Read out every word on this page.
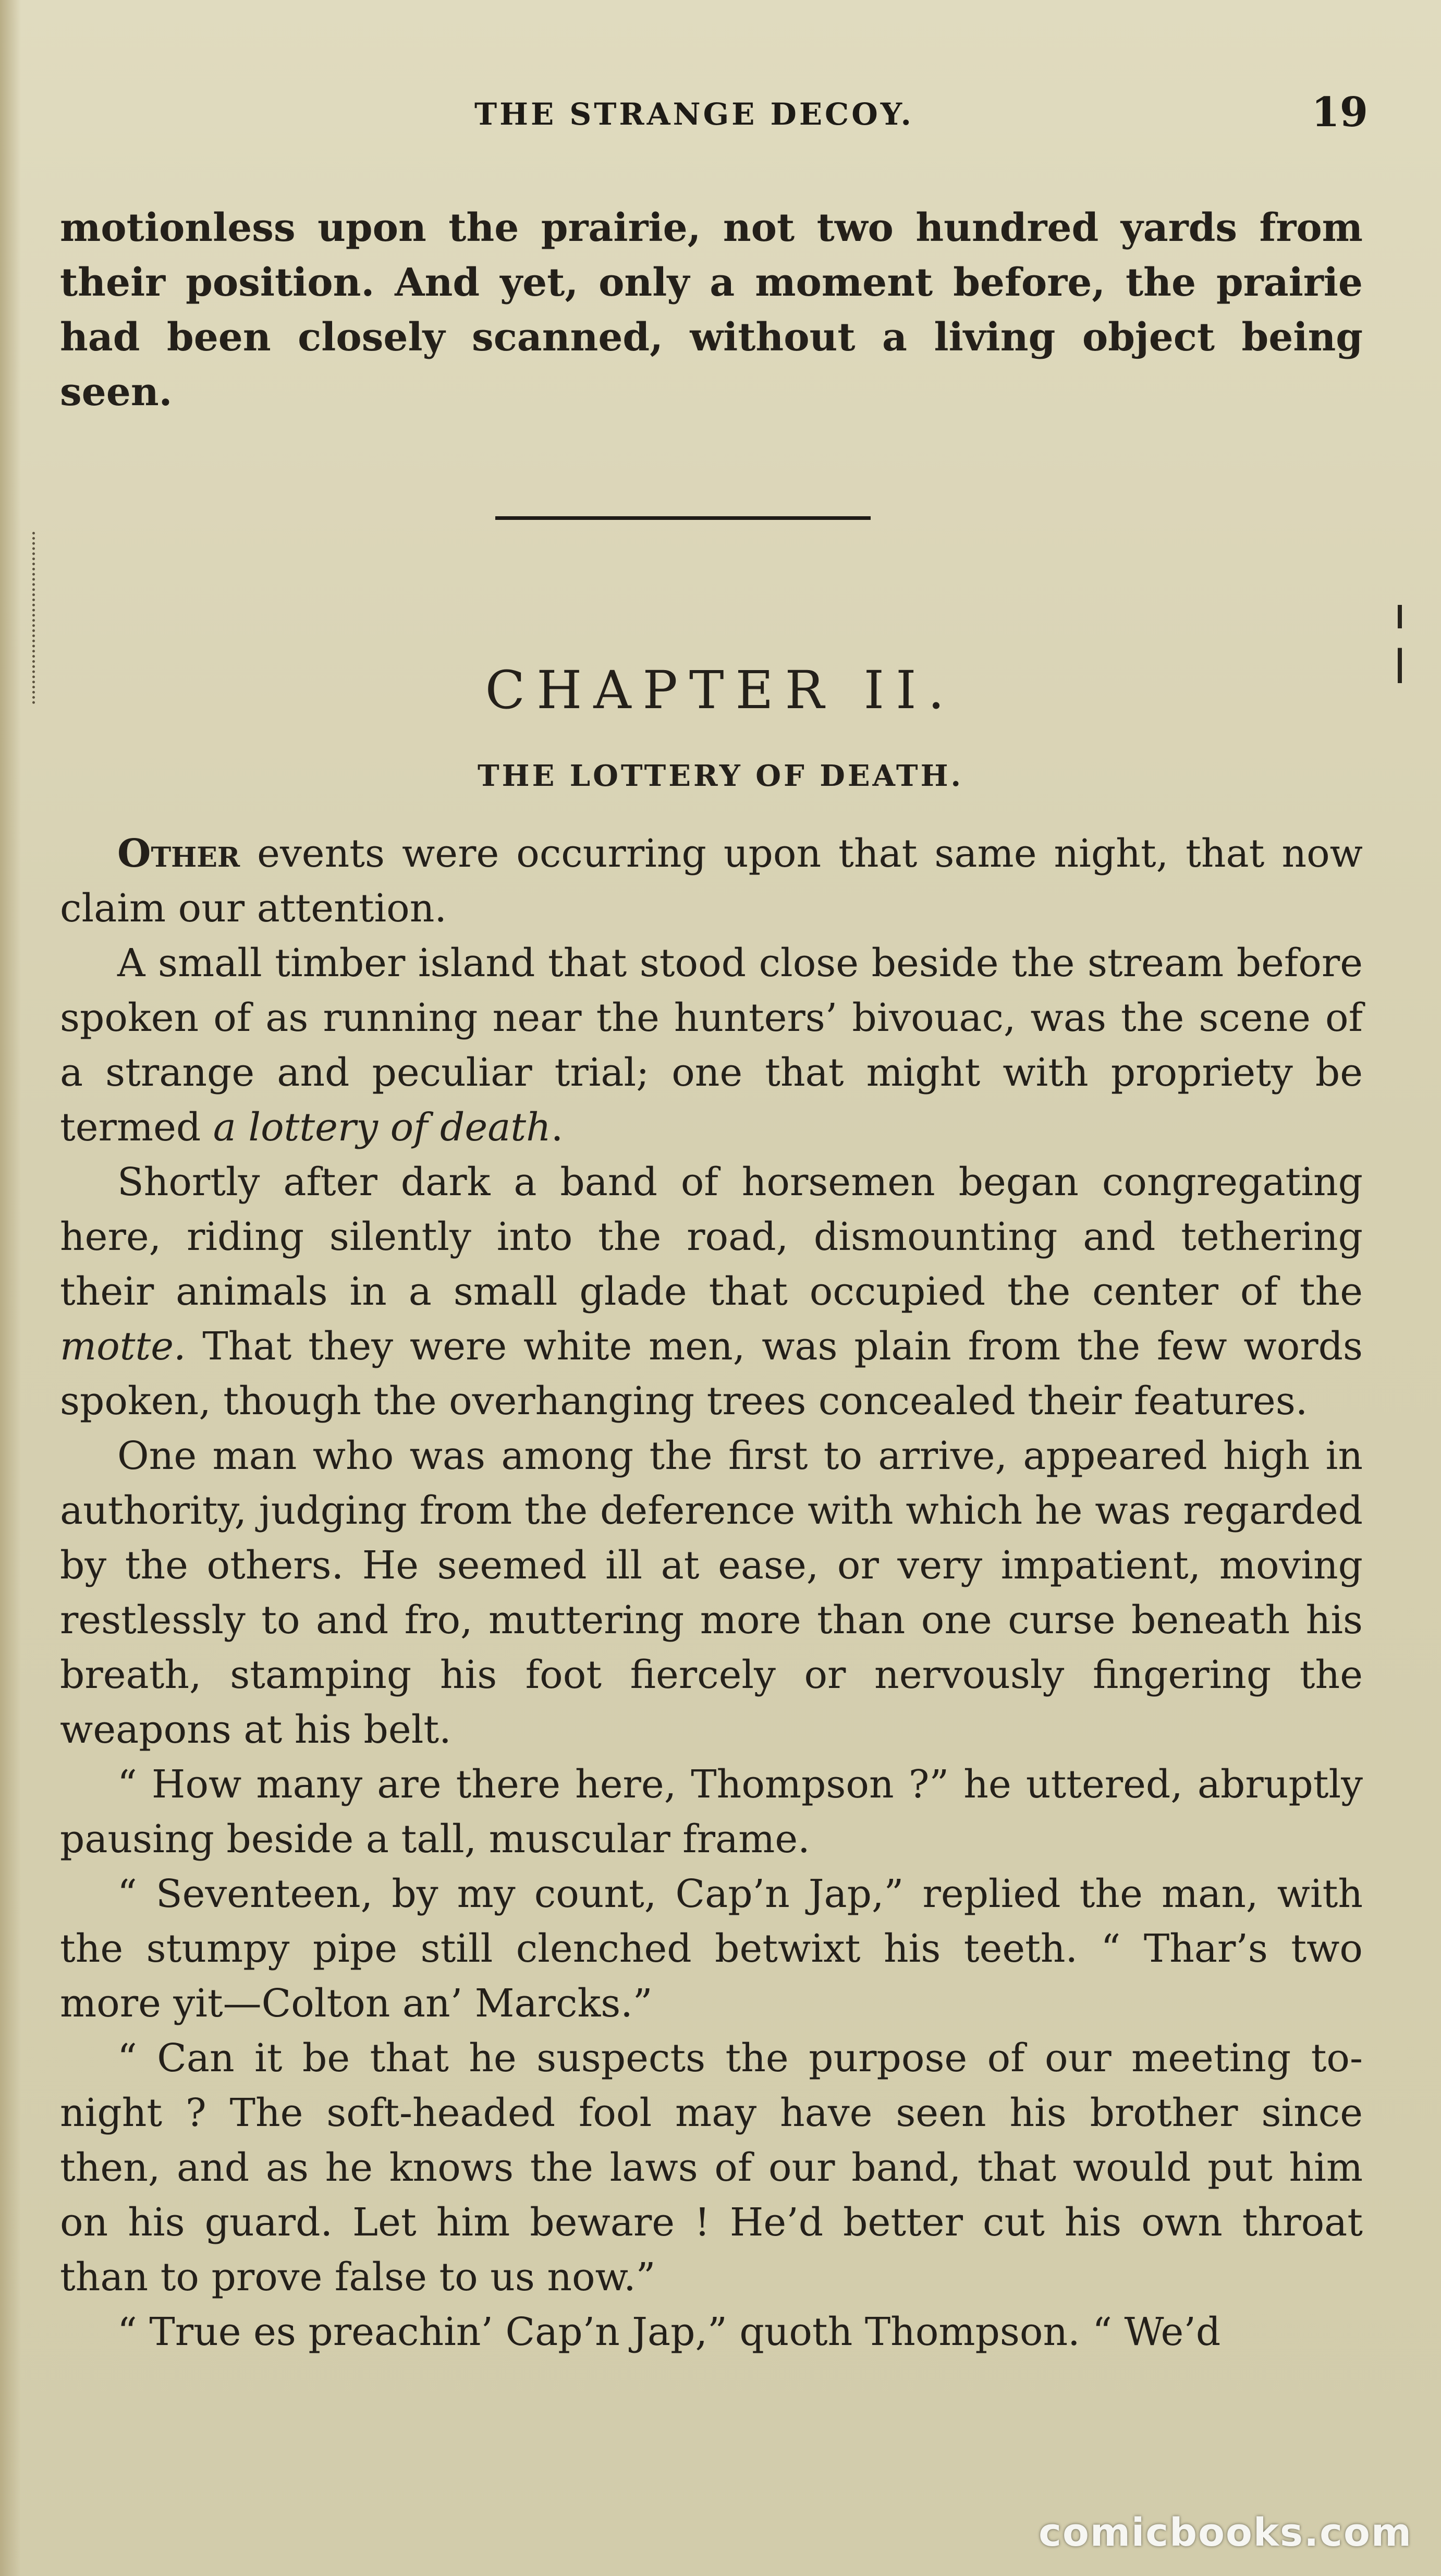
THE STRANGE DECOY.	19

motionless upon the prairie, not two hundred yards from their position. And yet, only a moment before, the prairie had been closely scanned, without a living object being seen.

CHAPTER II.
THE LOTTERY OF DEATH.

Other events were occurring upon that same night, that now claim our attention.

A small timber island that stood close beside the stream before spoken of as running near the hunters’ bivouac, was the scene of a strange and peculiar trial; one that might with propriety be termed a lottery of death.

Shortly after dark a band of horsemen began congregating here, riding silently into the road, dismounting and tethering their animals in a small glade that occupied the center of the motte. That they were white men, was plain from the few words spoken, though the overhanging trees concealed their features.

One man who was among the first to arrive, appeared high in authority, judging from the deference with which he was regarded by the others. He seemed ill at ease, or very impatient, moving restlessly to and fro, muttering more than one curse beneath his breath, stamping his foot fiercely or nervously fingering the weapons at his belt.

“ How many are there here, Thompson ?” he uttered, abruptly pausing beside a tall, muscular frame.

“ Seventeen, by my count, Cap’n Jap,” replied the man, with the stumpy pipe still clenched betwixt his teeth. “ Thar’s two more yit—Colton an’ Marcks.”

“ Can it be that he suspects the purpose of our meeting to-night ? The soft-headed fool may have seen his brother since then, and as he knows the laws of our band, that would put him on his guard. Let him beware ! He’d better cut his own throat than to prove false to us now.”

“ True es preachin’ Cap’n Jap,” quoth Thompson. “ We’d

comicbooks.com
